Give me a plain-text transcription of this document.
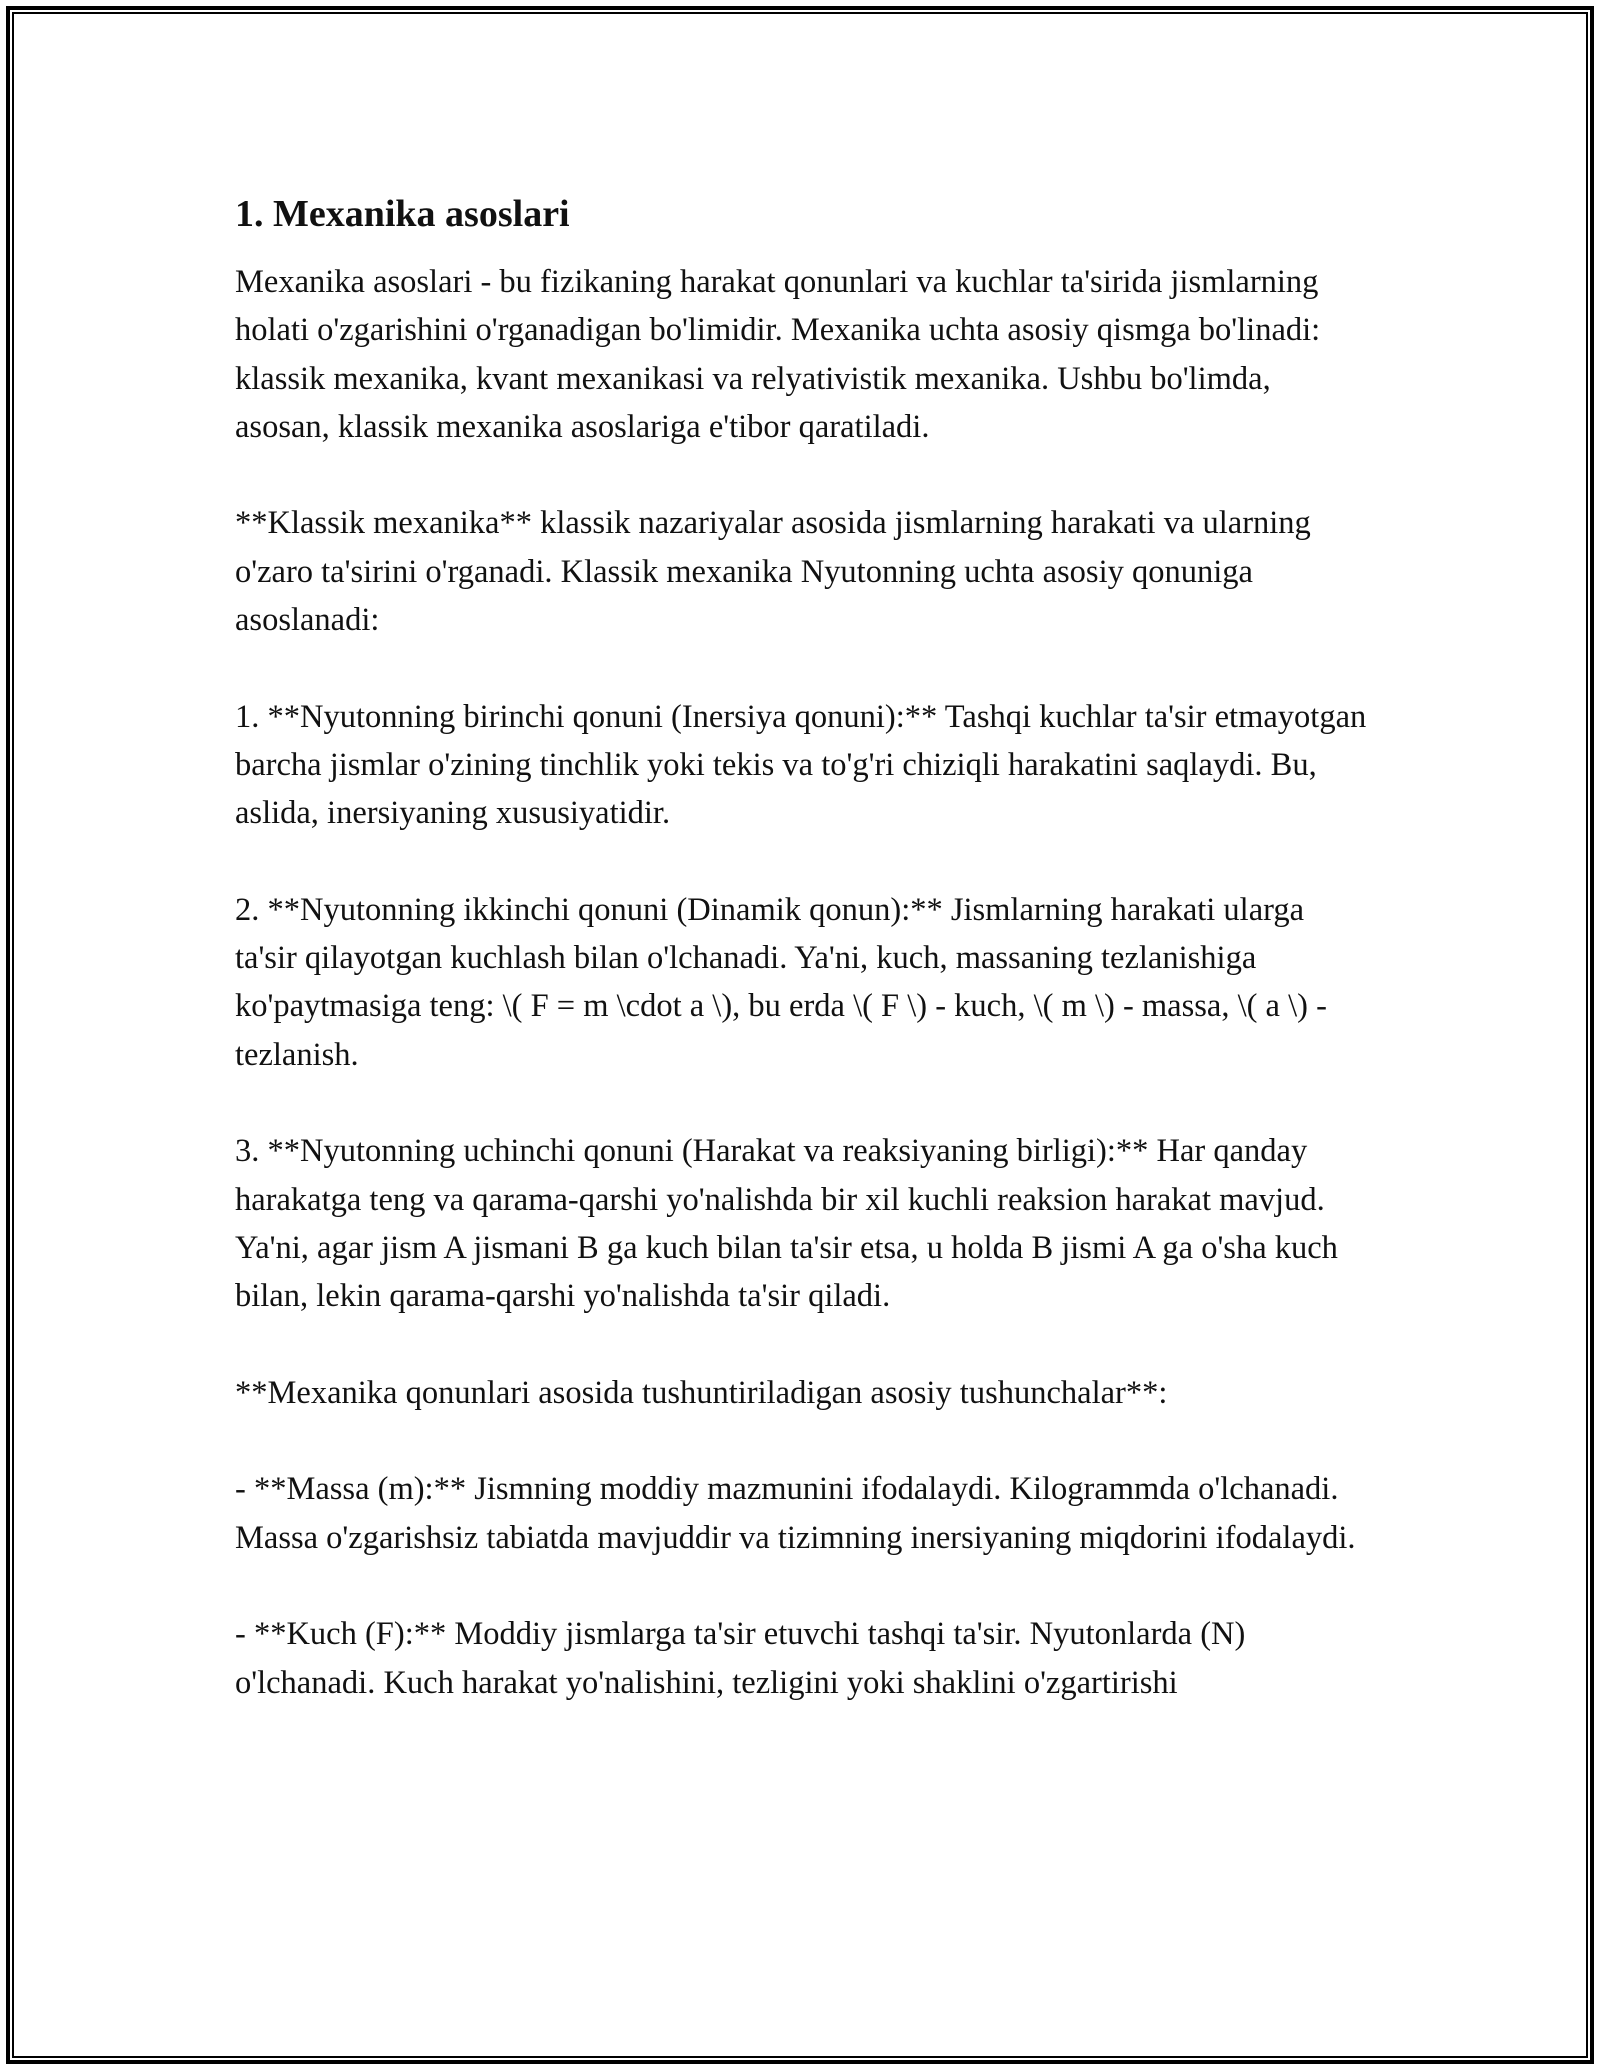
1. Mexanika asoslari

Mexanika asoslari - bu fizikaning harakat qonunlari va kuchlar ta'sirida jismlarning holati o'zgarishini o'rganadigan bo'limidir. Mexanika uchta asosiy qismga bo'linadi: klassik mexanika, kvant mexanikasi va relyativistik mexanika. Ushbu bo'limda, asosan, klassik mexanika asoslariga e'tibor qaratiladi.

**Klassik mexanika** klassik nazariyalar asosida jismlarning harakati va ularning o'zaro ta'sirini o'rganadi. Klassik mexanika Nyutonning uchta asosiy qonuniga asoslanadi:

1. **Nyutonning birinchi qonuni (Inersiya qonuni):** Tashqi kuchlar ta'sir etmayotgan barcha jismlar o'zining tinchlik yoki tekis va to'g'ri chiziqli harakatini saqlaydi. Bu, aslida, inersiyaning xususiyatidir.

2. **Nyutonning ikkinchi qonuni (Dinamik qonun):** Jismlarning harakati ularga ta'sir qilayotgan kuchlash bilan o'lchanadi. Ya'ni, kuch, massaning tezlanishiga ko'paytmasiga teng: \( F = m \cdot a \), bu erda \( F \) - kuch, \( m \) - massa, \( a \) - tezlanish.

3. **Nyutonning uchinchi qonuni (Harakat va reaksiyaning birligi):** Har qanday harakatga teng va qarama-qarshi yo'nalishda bir xil kuchli reaksion harakat mavjud. Ya'ni, agar jism A jismani B ga kuch bilan ta'sir etsa, u holda B jismi A ga o'sha kuch bilan, lekin qarama-qarshi yo'nalishda ta'sir qiladi.

**Mexanika qonunlari asosida tushuntiriladigan asosiy tushunchalar**:

- **Massa (m):** Jismning moddiy mazmunini ifodalaydi. Kilogrammda o'lchanadi. Massa o'zgarishsiz tabiatda mavjuddir va tizimning inersiyaning miqdorini ifodalaydi.

- **Kuch (F):** Moddiy jismlarga ta'sir etuvchi tashqi ta'sir. Nyutonlarda (N) o'lchanadi. Kuch harakat yo'nalishini, tezligini yoki shaklini o'zgartirishi
